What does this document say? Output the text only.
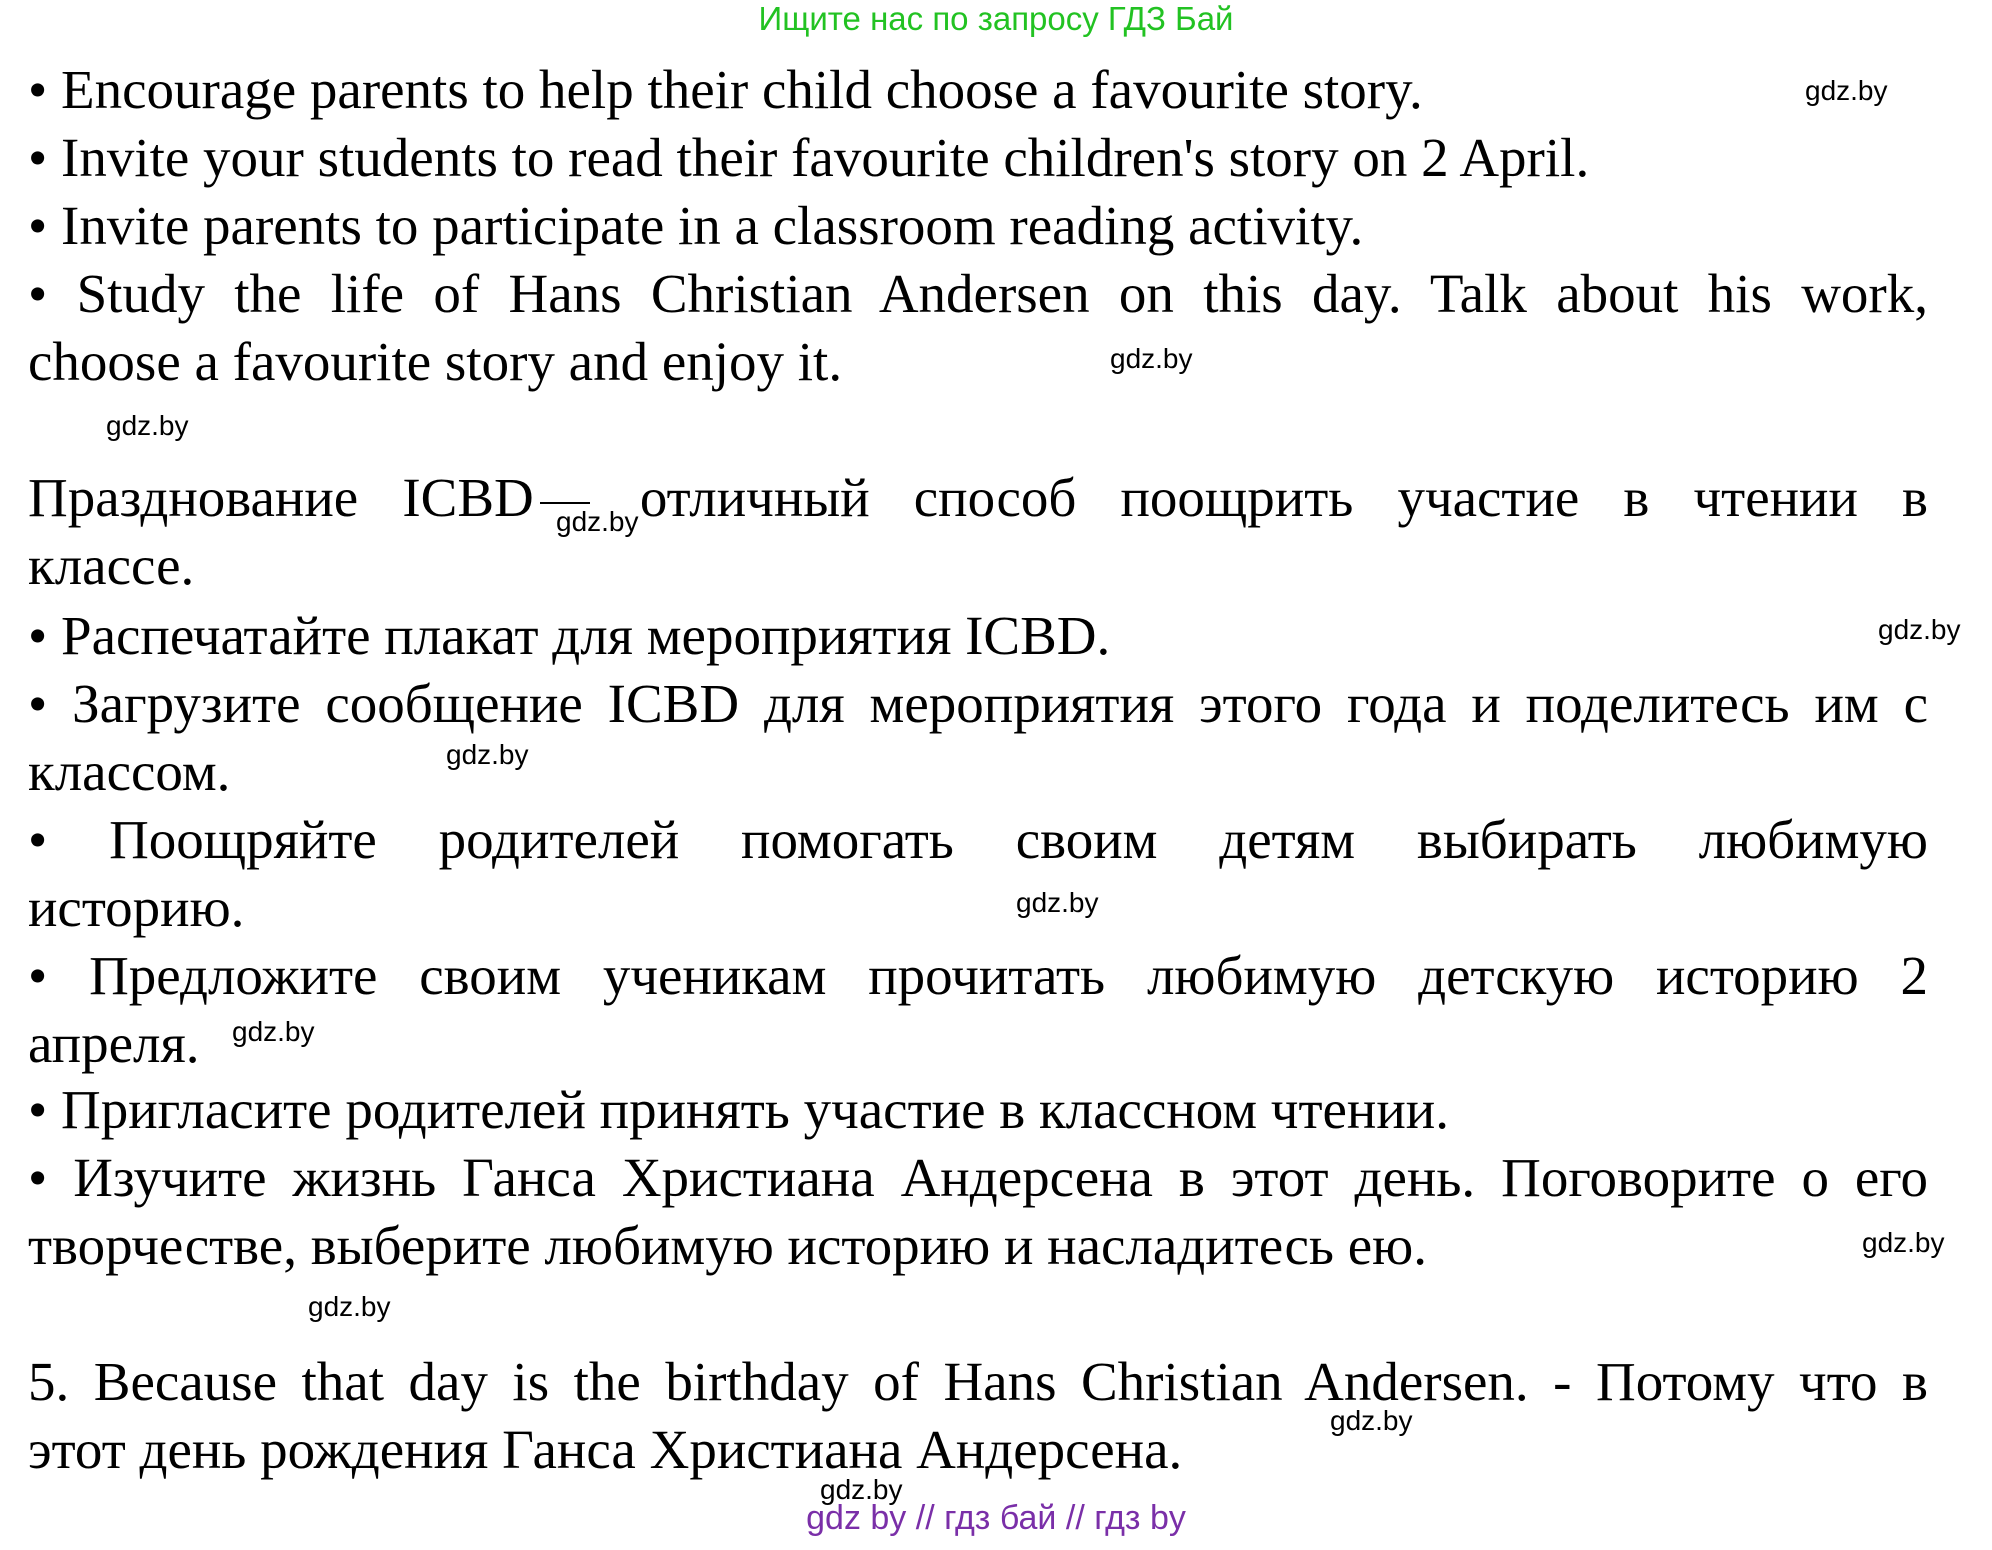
Ищите нас по запросу ГДЗ Бай
• Encourage parents to help their child choose a favourite story.
• Invite your students to read their favourite children's story on 2 April.
• Invite parents to participate in a classroom reading activity.
• Study the life of Hans Christian Andersen on this day. Talk about his work,
choose a favourite story and enjoy it.
Празднование ICBD отличный способ поощрить участие в чтении в
классе.
• Распечатайте плакат для мероприятия ICBD.
• Загрузите сообщение ICBD для мероприятия этого года и поделитесь им с
классом.
• Поощряйте родителей помогать своим детям выбирать любимую
историю.
• Предложите своим ученикам прочитать любимую детскую историю 2
апреля.
• Пригласите родителей принять участие в классном чтении.
• Изучите жизнь Ганса Христиана Андерсена в этот день. Поговорите о его
творчестве, выберите любимую историю и насладитесь ею.
5. Because that day is the birthday of Hans Christian Andersen. - Потому что в
этот день рождения Ганса Христиана Андерсена.
gdz.by
gdz.by
gdz.by
gdz.by
gdz.by
gdz.by
gdz.by
gdz.by
gdz.by
gdz.by
gdz.by
gdz.by
gdz by // гдз бай // гдз by
